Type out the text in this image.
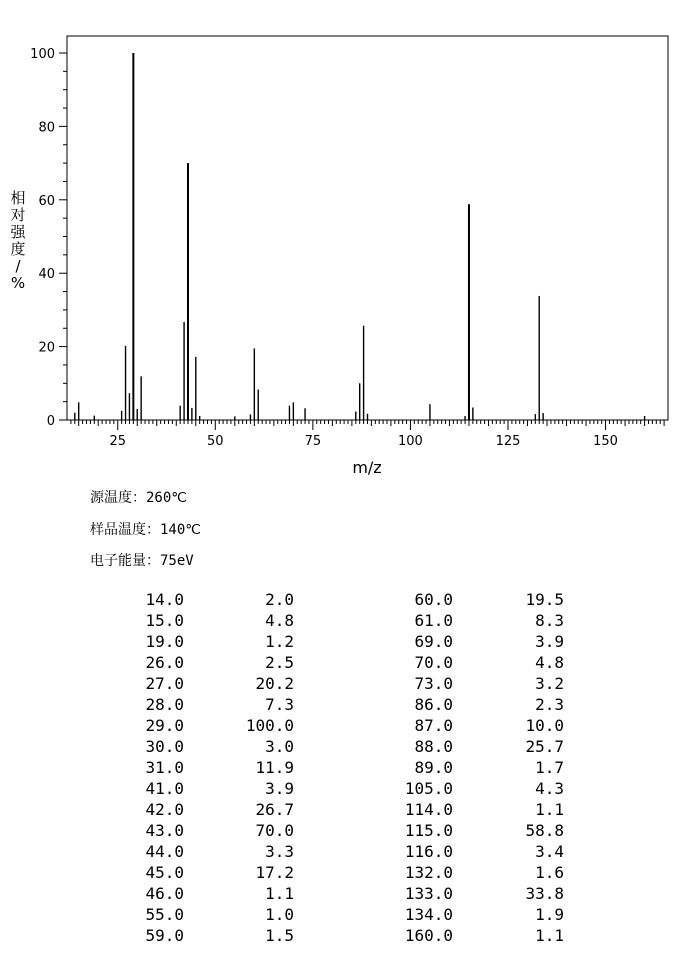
0
20
40
60
80
100
25	50	75	100	125	150
m/z
相
对
强
度
/
%
源温度：260℃
样品温度：140℃
电子能量：75eV
14.0	2.0	60.0	19.5
15.0	4.8	61.0	8.3
19.0	1.2	69.0	3.9
26.0	2.5	70.0	4.8
27.0	20.2	73.0	3.2
28.0	7.3	86.0	2.3
29.0	100.0	87.0	10.0
30.0	3.0	88.0	25.7
31.0	11.9	89.0	1.7
41.0	3.9	105.0	4.3
42.0	26.7	114.0	1.1
43.0	70.0	115.0	58.8
44.0	3.3	116.0	3.4
45.0	17.2	132.0	1.6
46.0	1.1	133.0	33.8
55.0	1.0	134.0	1.9
59.0	1.5	160.0	1.1
